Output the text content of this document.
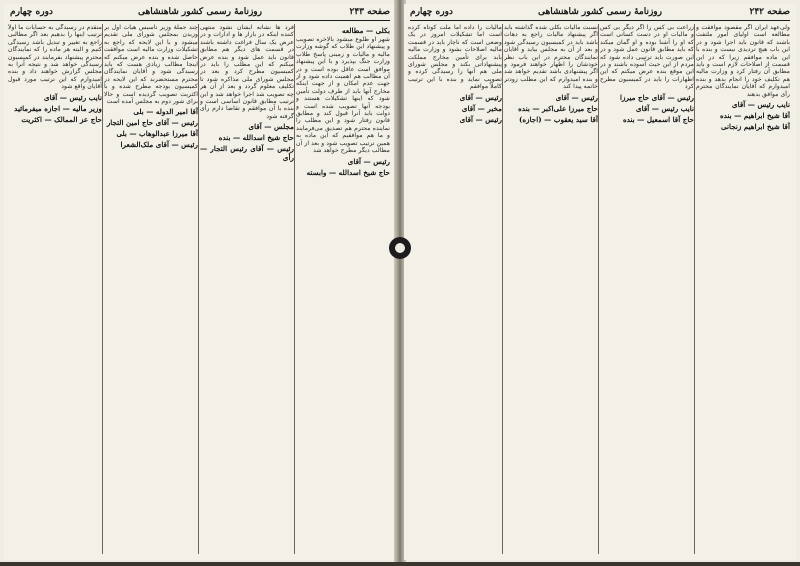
صفحه ۲۴۳
روزنامهٔ رسمی کشور شاهنشاهی
دوره چهارم
بکلی‌ — مطالعه

شهر او طلوع میشود بالاخره تصویب و پیشنهاد این طلاب که گوشه وزارت مالیه و مالیات و زمینی پاسخ طلاب وزارت جنگ بپذیرد و با این پیشنهاد موافق است عاقل بوده است و در آن مطالب هم اهمیت داده شود و از جهت عدم امکان و از جهت اینکه مخارج آنها باید از طرف دولت تأمین شود که اینها تشکیلات هستند و بودجه آنها تصویب شده است و دولت باید آنرا قبول کند و مطابق قانون رفتار شود و این مطلب را نماینده محترم هم تصدیق می‌فرمایند و ما هم موافقیم که این ماده به همین ترتیب تصویب شود و بعد از آن مطالب دیگر مطرح خواهد شد

رئیس — آقای
حاج شیخ اسدالله — وابسته

فرد ها نشانه ایشان نشود منتهی کننده اینکه در بازار ها و ادارات و در عرض یک سال فراغت داشته باشند در قسمت های دیگر هم مطابق قانون باید عمل شود و بنده عرض میکنم که این مطلب را باید در کمیسیون مطرح کرد و بعد در مجلس شورای ملی مذاکره شود تا تکلیف معلوم گردد و بعد از آن هر چه تصویب شد اجرا خواهد شد و این ترتیب مطابق قانون اساسی است و بنده با آن موافقم و تقاضا دارم رأی گرفته شود

مجلس — آقای
حاج شیخ اسدالله — بنده
رئیس — آقای رئیس التجار — رأی

چند جملهٔ وزیر تأسیس هیأت اول بر وزیدن بمجلس شورای ملی تقدیم میشود و با این لایحه که راجع به تشکیلات وزارت مالیه است موافقت حاصل شده و بنده عرض میکنم که اینجا مطالب زیادی هست که باید رسیدگی شود و آقایان نمایندگان محترم مستحضرند که این لایحه در کمیسیون بودجه مطرح شده و با اکثریت تصویب گردیده است و حالا برای شور دوم به مجلس آمده است

آقا امیر الدوله — بلی
رئیس — آقای حاج امین التجار
آقا میرزا عبدالوهاب — بلی
رئیس — آقای ملک‌الشعرا

متقدم در رسیدگی به حسابات ما اولاً ترتیب اینها را بدهیم بعد اگر مطالبی راجع به تغییر و تبدیل باشد رسیدگی کنیم و البته هر ماده را که نمایندگان محترم پیشنهاد بفرمایند در کمیسیون رسیدگی خواهد شد و نتیجه آنرا به مجلس گزارش خواهند داد و بنده امیدوارم که این ترتیب مورد قبول آقایان واقع شود

نایب رئیس — آقای
وزیر مالیه — اجازه میفرمائید
حاج عز الممالک — اکثریت
صفحه ۲۴۲
روزنامهٔ رسمی کشور شاهنشاهی
دوره چهارم

ولی‌عهد ایران اگر مقصود موافقت و مطالعه است اولیای امور ملتفت باشند که قانون باید اجرا شود و در این باب هیچ تردیدی نیست و بنده با این ماده موافقم زیرا که در این قسمت از اصلاحات لازم است و باید مطابق آن رفتار کرد و وزارت مالیه هم تکلیف خود را انجام بدهد و بنده امیدوارم که آقایان نمایندگان محترم رأی موافق بدهند

نایب رئیس — آقای
آقا شیخ ابراهیم — بنده
آقا شیخ ابراهیم زنجانی

زراعت بی کس را اگر دیگر بی کس و مالیات او در دست کسانی است که او را آشنا بوده و او گمان میکند که باید مطابق قانون عمل شود و در این صورت باید ترتیبی داده شود که مردم از این حیث آسوده باشند و در این موقع بنده عرض میکنم که این اظهارات را باید در کمیسیون مطرح کرد

رئیس — آقای حاج میرزا
نایب رئیس — آقای
حاج آقا اسمعیل — بنده

نسبت مالیات بکلی شده گذاشته باید اگر پیشنهاد مالیات راجع به دهات باشد باید در کمیسیون رسیدگی شود و بعد از آن به مجلس بیاید و آقایان نمایندگان محترم در این باب نظر خودشان را اظهار خواهند فرمود و اگر پیشنهادی باشد تقدیم خواهد شد و بنده امیدوارم که این مطلب زودتر خاتمه پیدا کند

رئیس — آقای
حاج میرزا علی‌اکبر — بنده
آقا سید یعقوب — (اجازه)

مالیات را داده اما ملت کوتاه کرده است اما تشکیلات امروز در یک وضعی است که ناچار باید در قسمت مالیه اصلاحات بشود و وزارت مالیه باید برای تأمین مخارج مملکت پیشنهاداتی بکند و مجلس شورای ملی هم آنها را رسیدگی کرده و تصویب نماید و بنده با این ترتیب کاملاً موافقم

رئیس — آقای
مخبر — آقای
رئیس — آقای
